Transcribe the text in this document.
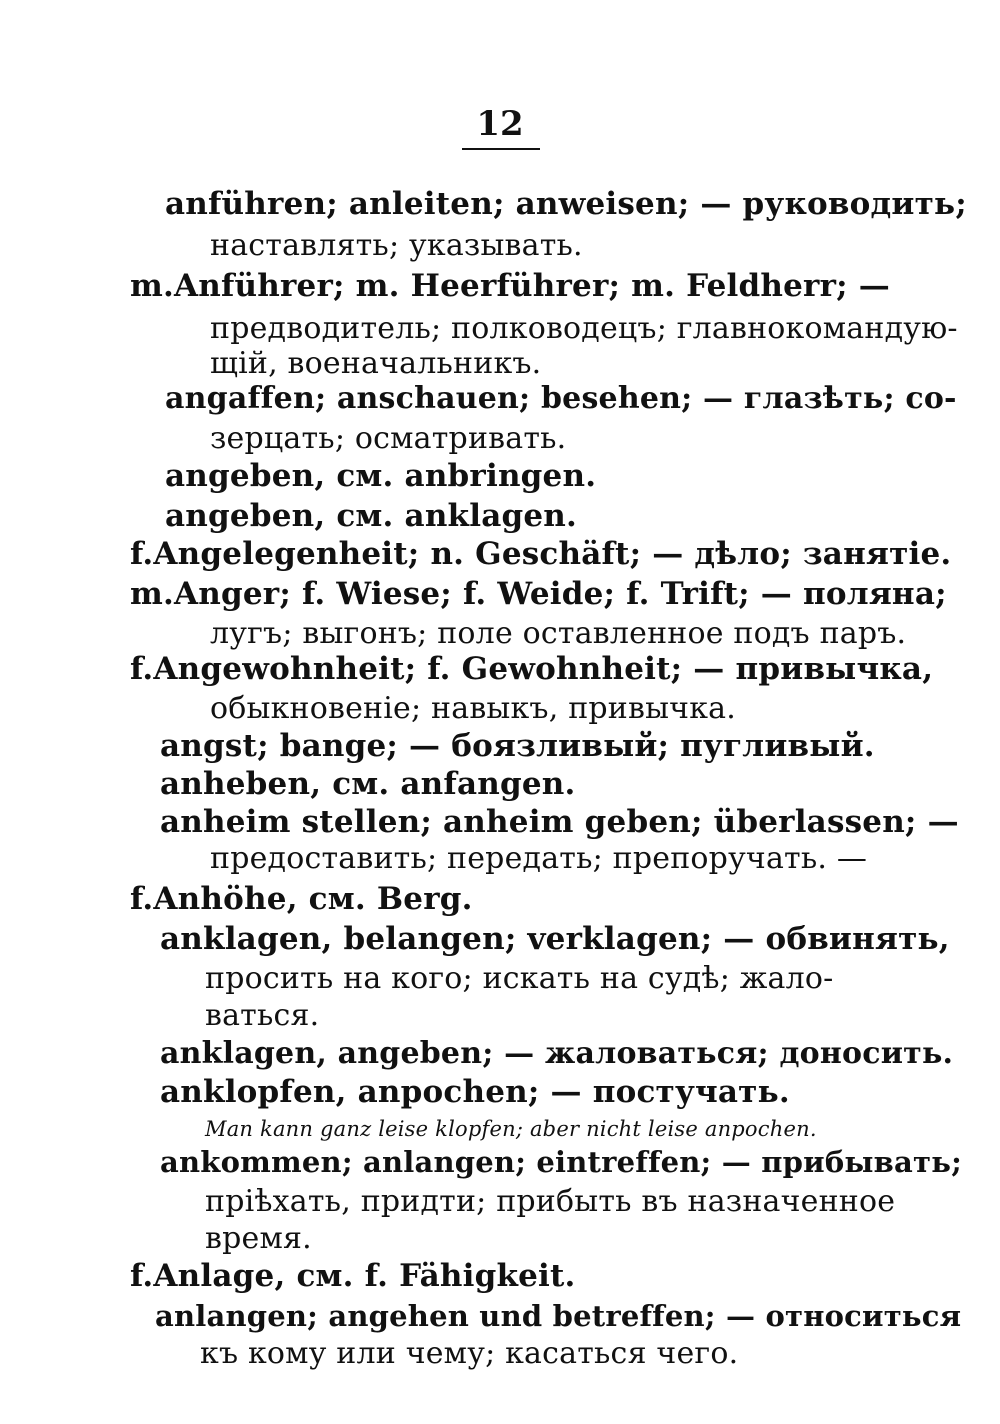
12
anführen; anleiten; anweisen; — руководить;
наставлять; указывать.
m.Anführer; m. Heerführer; m. Feldherr; —
предводитель; полководецъ; главнокомандую-
щій, военачальникъ.
angaffen; anschauen; besehen; — глазѣть; со-
зерцать; осматривать.
angeben, см. anbringen.
angeben, см. anklagen.
f.Angelegenheit; n. Geschäft; — дѣло; занятіе.
m.Anger; f. Wiese; f. Weide; f. Trift; — поляна;
лугъ; выгонъ; поле оставленное подъ паръ.
f.Angewohnheit; f. Gewohnheit; — привычка,
обыкновеніе; навыкъ, привычка.
angst; bange; — боязливый; пугливый.
anheben, см. anfangen.
anheim stellen; anheim geben; überlassen; —
предоставить; передать; препоручать. —
f.Anhöhe, см. Berg.
anklagen, belangen; verklagen; — обвинять,
просить на кого; искать на судѣ; жало-
ваться.
anklagen, angeben; — жаловаться; доносить.
anklopfen, anpochen; — постучать.
Man kann ganz leise klopfen; aber nicht leise anpochen.
ankommen; anlangen; eintreffen; — прибывать;
пріѣхать, придти; прибыть въ назначенное
время.
f.Anlage, см. f. Fähigkeit.
anlangen; angehen und betreffen; — относиться
къ кому или чему; касаться чего.
